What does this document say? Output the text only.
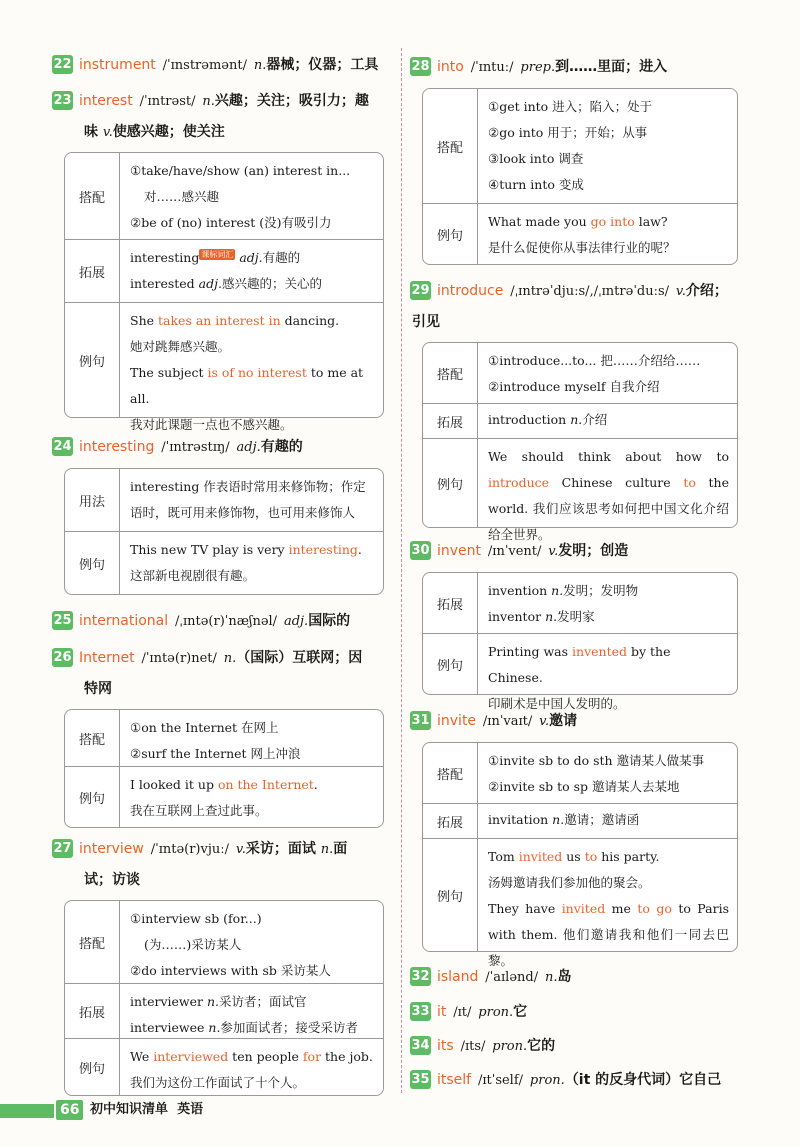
22 instrument /ˈɪnstrəmənt/ n.器械；仪器；工具
23 interest /ˈɪntrəst/ n.兴趣；关注；吸引力；趣
味 v.使感兴趣；使关注
搭配

①take/have/show (an) interest in...

对……感兴趣

②be of (no) interest (没)有吸引力

拓展

interesting 课标词汇 adj.有趣的

interested adj.感兴趣的；关心的

例句

She takes an interest in dancing.

她对跳舞感兴趣。

The subject is of no interest to me at all.

我对此课题一点也不感兴趣。

24 interesting /ˈɪntrəstɪŋ/ adj.有趣的
用法

interesting 作表语时常用来修饰物；作定语时，既可用来修饰物，也可用来修饰人

例句

This new TV play is very interesting.

这部新电视剧很有趣。

25 international /ˌɪntə(r)ˈnæʃnəl/ adj.国际的
26 Internet /ˈɪntə(r)net/ n.（国际）互联网；因
特网
搭配

①on the Internet 在网上

②surf the Internet 网上冲浪

例句

I looked it up on the Internet.

我在互联网上查过此事。

27 interview /ˈɪntə(r)vjuː/ v.采访；面试 n.面
试；访谈
搭配

①interview sb (for...)

(为……)采访某人

②do interviews with sb 采访某人

拓展

interviewer n.采访者；面试官

interviewee n.参加面试者；接受采访者

例句

We interviewed ten people for the job.

我们为这份工作面试了十个人。

28 into /ˈɪntuː/ prep.到……里面；进入
搭配

①get into 进入；陷入；处于

②go into 用于；开始；从事

③look into 调查

④turn into 变成

例句

What made you go into law?

是什么促使你从事法律行业的呢？

29 introduce /ˌɪntrəˈdjuːs/,/ˌɪntrəˈduːs/ v.介绍；
引见
搭配

①introduce...to... 把……介绍给……

②introduce myself 自我介绍

拓展	introduction n.介绍

例句

We should think about how to introduce Chinese culture to the world. 我们应该思考如何把中国文化介绍给全世界。

30 invent /ɪnˈvent/ v.发明；创造
拓展

invention n.发明；发明物

inventor n.发明家

例句

Printing was invented by the Chinese.

印刷术是中国人发明的。

31 invite /ɪnˈvaɪt/ v.邀请
搭配

①invite sb to do sth 邀请某人做某事

②invite sb to sp 邀请某人去某地

拓展	invitation n.邀请；邀请函

例句

Tom invited us to his party.

汤姆邀请我们参加他的聚会。

They have invited me to go to Paris with them. 他们邀请我和他们一同去巴黎。

32 island /ˈaɪlənd/ n.岛
33 it /ɪt/ pron.它
34 its /ɪts/ pron.它的
35 itself /ɪtˈself/ pron.（it 的反身代词）它自己
66 初中知识清单 英语
